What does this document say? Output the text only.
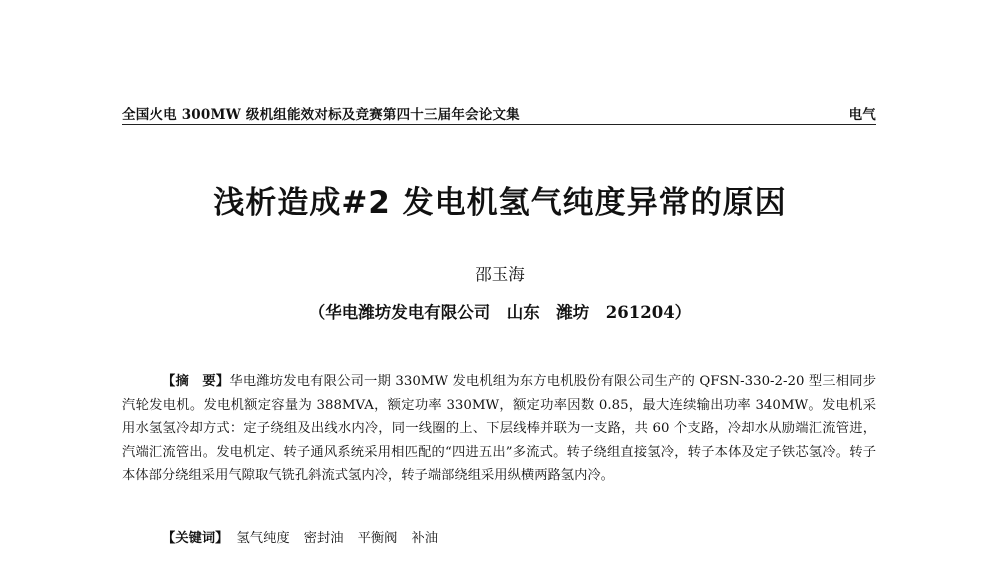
全国火电 300MW 级机组能效对标及竞赛第四十三届年会论文集	电气
浅析造成#2 发电机氢气纯度异常的原因
邵玉海
（华电潍坊发电有限公司　山东　潍坊　261204）
【摘　要】华电潍坊发电有限公司一期 330MW 发电机组为东方电机股份有限公司生产的 QFSN-330-2-20 型三相同步汽轮发电机。发电机额定容量为 388MVA，额定功率 330MW，额定功率因数 0.85，最大连续输出功率 340MW。发电机采用水氢氢冷却方式：定子绕组及出线水内冷，同一线圈的上、下层线棒并联为一支路，共 60 个支路，冷却水从励端汇流管进，汽端汇流管出。发电机定、转子通风系统采用相匹配的“四进五出”多流式。转子绕组直接氢冷，转子本体及定子铁芯氢冷。转子本体部分绕组采用气隙取气铣孔斜流式氢内冷，转子端部绕组采用纵横两路氢内冷。
【关键词】 氢气纯度 密封油 平衡阀 补油
